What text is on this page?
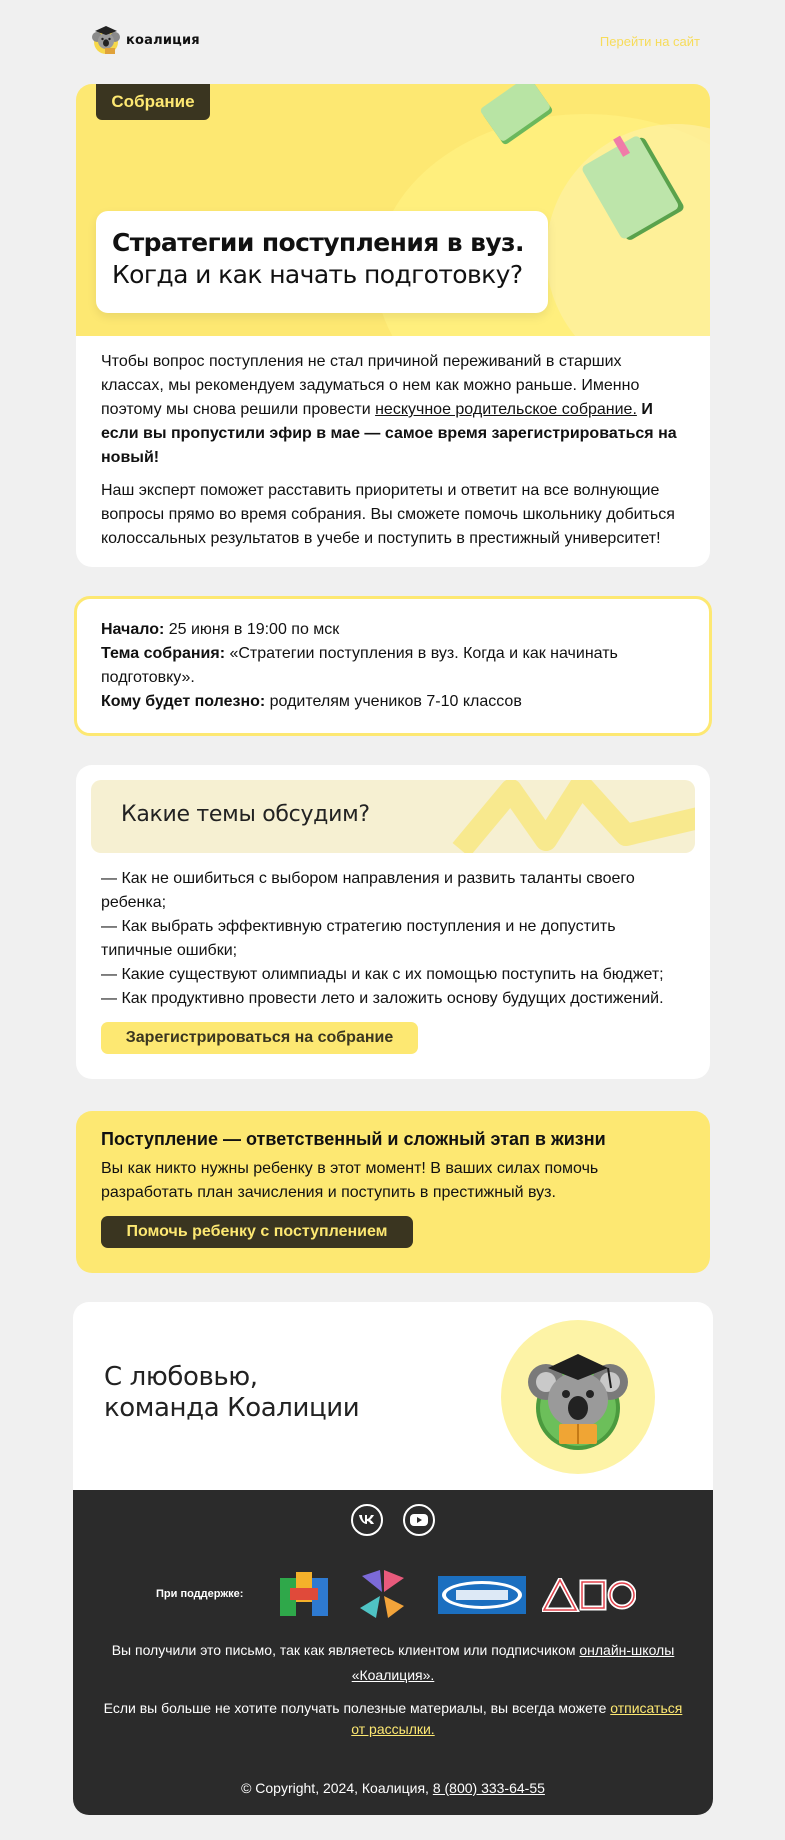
коалиция	Перейти на сайт
Собрание
Стратегии поступления в вуз.
Когда и как начать подготовку?

Чтобы вопрос поступления не стал причиной переживаний в старших классах, мы рекомендуем задуматься о нем как можно раньше. Именно поэтому мы снова решили провести нескучное родительское собрание. И если вы пропустили эфир в мае — самое время зарегистрироваться на новый!

Наш эксперт поможет расставить приоритеты и ответит на все волнующие вопросы прямо во время собрания. Вы сможете помочь школьнику добиться колоссальных результатов в учебе и поступить в престижный университет!

Начало: 25 июня в 19:00 по мск
Тема собрания: «Стратегии поступления в вуз. Когда и как начинать подготовку».
Кому будет полезно: родителям учеников 7-10 классов
Какие темы обсудим?
— Как не ошибиться с выбором направления и развить таланты своего ребенка;
— Как выбрать эффективную стратегию поступления и не допустить типичные ошибки;
— Какие существуют олимпиады и как с их помощью поступить на бюджет;
— Как продуктивно провести лето и заложить основу будущих достижений.
Зарегистрироваться на собрание
Поступление — ответственный и сложный этап в жизни

Вы как никто нужны ребенку в этот момент! В ваших силах помочь разработать план зачисления и поступить в престижный вуз.

Помочь ребенку с поступлением
С любовью,
команда Коалиции
При поддержке:
Вы получили это письмо, так как являетесь клиентом или подписчиком онлайн-школы «Коалиция».
Если вы больше не хотите получать полезные материалы, вы всегда можете отписаться от рассылки.
© Copyright, 2024, Коалиция, 8 (800) 333-64-55
